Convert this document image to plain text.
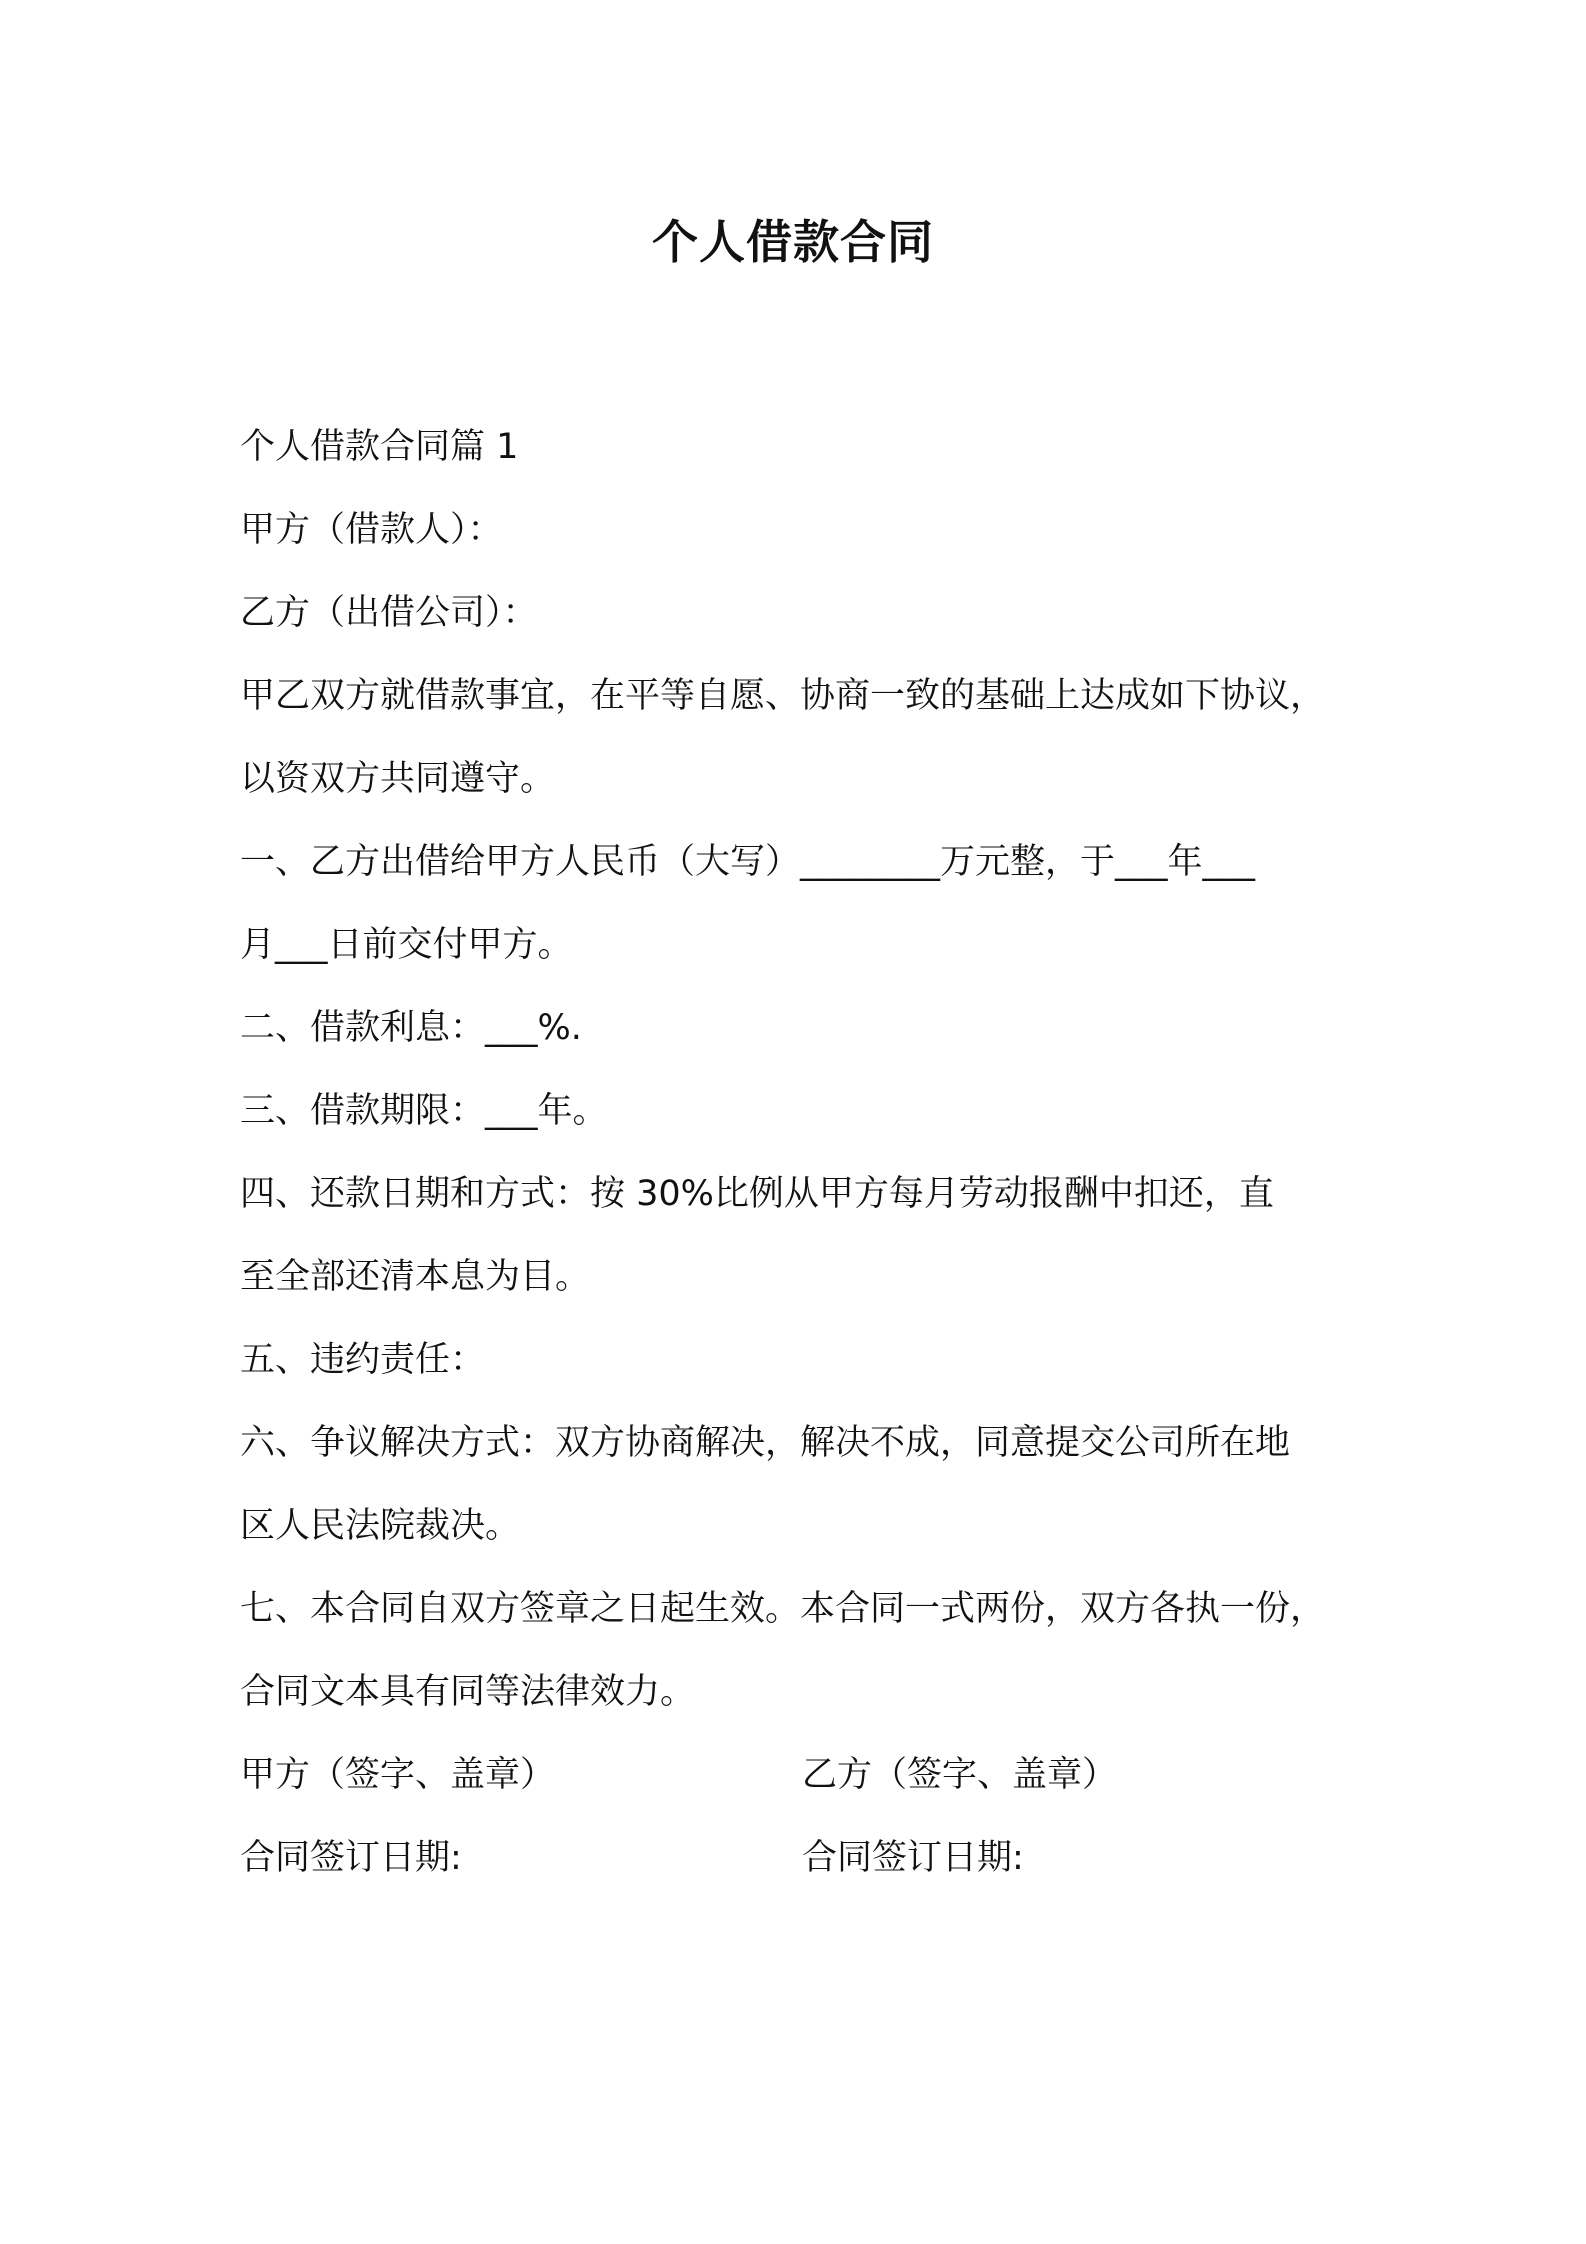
个人借款合同
个人借款合同篇 1
甲方（借款人）：
乙方（出借公司）：
甲乙双方就借款事宜，在平等自愿、协商一致的基础上达成如下协议，
以资双方共同遵守。
一、乙方出借给甲方人民币（大写）________万元整，于___年___
月___日前交付甲方。
二、借款利息：___%.
三、借款期限：___年。
四、还款日期和方式：按 30%比例从甲方每月劳动报酬中扣还，直
至全部还清本息为目。
五、违约责任：
六、争议解决方式：双方协商解决，解决不成，同意提交公司所在地
区人民法院裁决。
七、本合同自双方签章之日起生效。本合同一式两份，双方各执一份，
合同文本具有同等法律效力。
甲方（签字、盖章）	乙方（签字、盖章）
合同签订日期:	合同签订日期:
